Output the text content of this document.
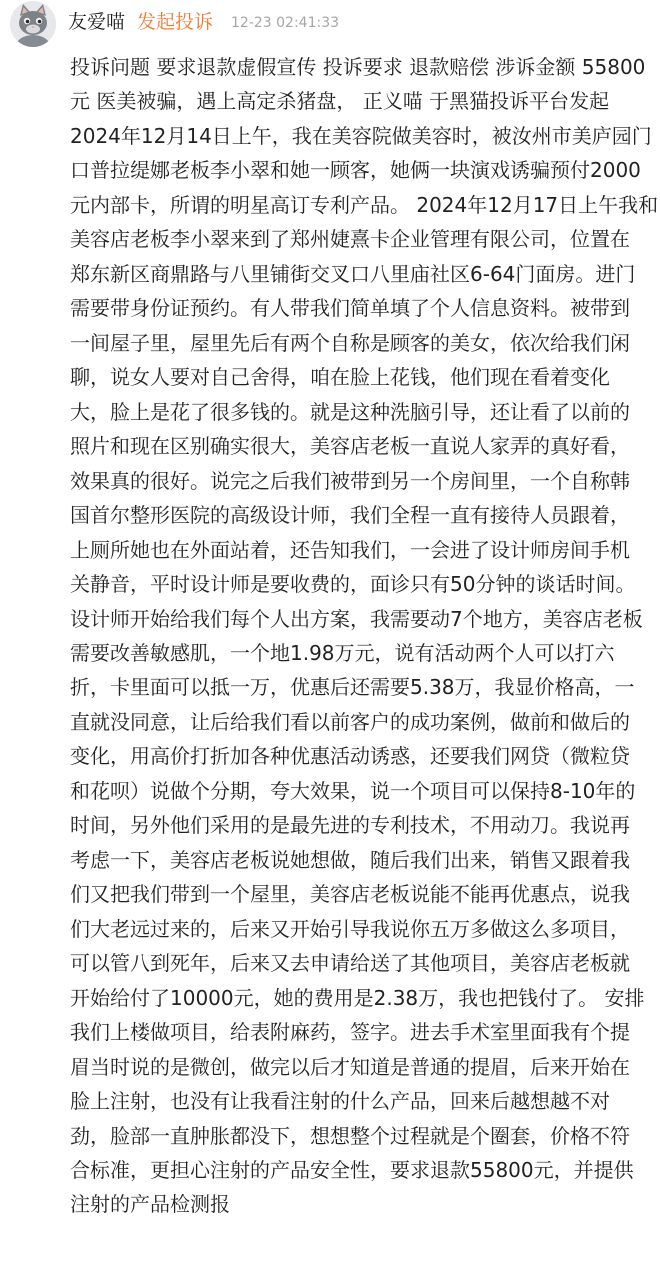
友爱喵 发起投诉 12-23 02:41:33
投诉问题 要求退款虚假宣传 投诉要求 退款赔偿 涉诉金额 55800
元 医美被骗，遇上高定杀猪盘， 正义喵 于黑猫投诉平台发起
2024年12月14日上午，我在美容院做美容时，被汝州市美庐园门
口普拉缇娜老板李小翠和她一顾客，她俩一块演戏诱骗预付2000
元内部卡，所谓的明星高订专利产品。 2024年12月17日上午我和
美容店老板李小翠来到了郑州婕熹卡企业管理有限公司，位置在
郑东新区商鼎路与八里铺街交叉口八里庙社区6-64门面房。进门
需要带身份证预约。有人带我们简单填了个人信息资料。被带到
一间屋子里，屋里先后有两个自称是顾客的美女，依次给我们闲
聊，说女人要对自己舍得，咱在脸上花钱，他们现在看着变化
大，脸上是花了很多钱的。就是这种洗脑引导，还让看了以前的
照片和现在区别确实很大，美容店老板一直说人家弄的真好看，
效果真的很好。说完之后我们被带到另一个房间里，一个自称韩
国首尔整形医院的高级设计师，我们全程一直有接待人员跟着，
上厕所她也在外面站着，还告知我们，一会进了设计师房间手机
关静音，平时设计师是要收费的，面诊只有50分钟的谈话时间。
设计师开始给我们每个人出方案，我需要动7个地方，美容店老板
需要改善敏感肌，一个地1.98万元，说有活动两个人可以打六
折，卡里面可以抵一万，优惠后还需要5.38万，我显价格高，一
直就没同意，让后给我们看以前客户的成功案例，做前和做后的
变化，用高价打折加各种优惠活动诱惑，还要我们网贷（微粒贷
和花呗）说做个分期，夸大效果，说一个项目可以保持8-10年的
时间，另外他们采用的是最先进的专利技术，不用动刀。我说再
考虑一下，美容店老板说她想做，随后我们出来，销售又跟着我
们又把我们带到一个屋里，美容店老板说能不能再优惠点，说我
们大老远过来的，后来又开始引导我说你五万多做这么多项目，
可以管八到死年，后来又去申请给送了其他项目，美容店老板就
开始给付了10000元，她的费用是2.38万，我也把钱付了。 安排
我们上楼做项目，给表附麻药，签字。进去手术室里面我有个提
眉当时说的是微创，做完以后才知道是普通的提眉，后来开始在
脸上注射，也没有让我看注射的什么产品，回来后越想越不对
劲，脸部一直肿胀都没下，想想整个过程就是个圈套，价格不符
合标准，更担心注射的产品安全性，要求退款55800元，并提供
注射的产品检测报
